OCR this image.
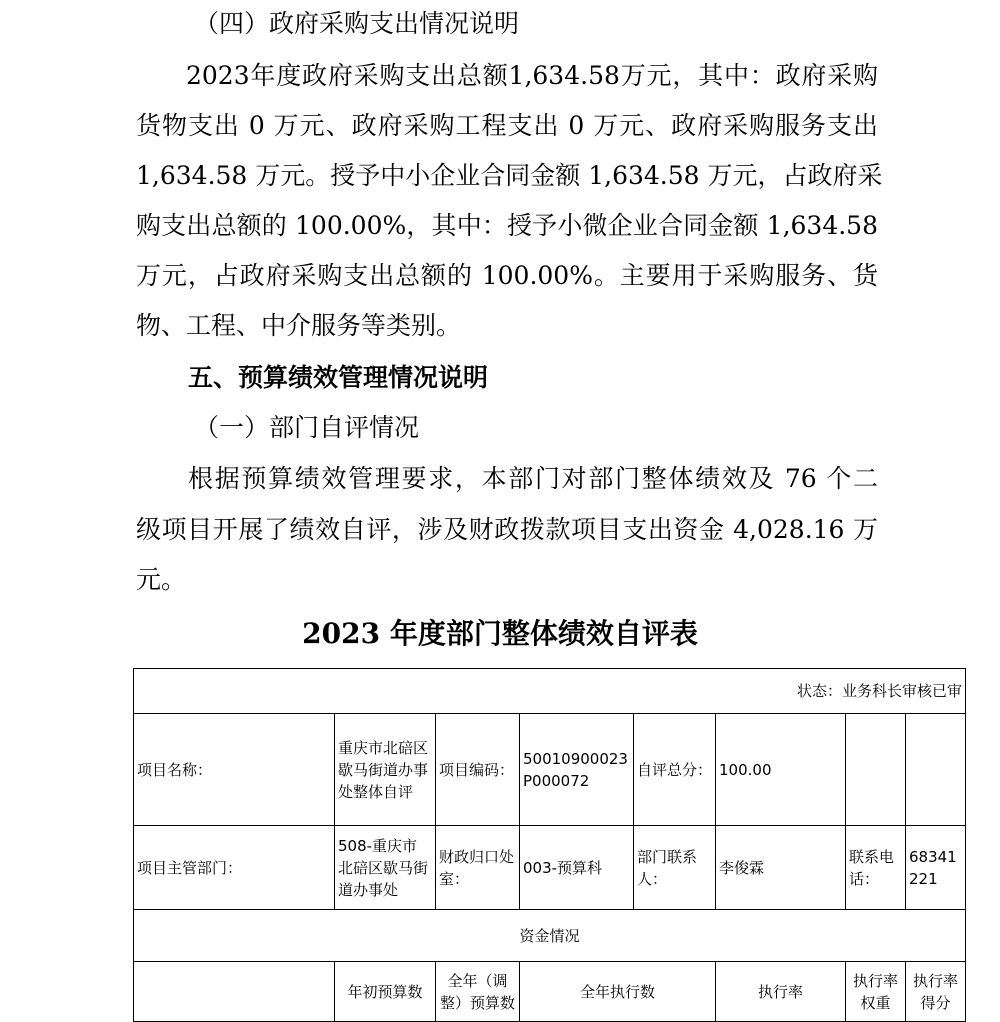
（四）政府采购支出情况说明
2023年度政府采购支出总额1,634.58万元，其中：政府采购
货物支出 0 万元、政府采购工程支出 0 万元、政府采购服务支出
1,634.58 万元。授予中小企业合同金额 1,634.58 万元，占政府采
购支出总额的 100.00%，其中：授予小微企业合同金额 1,634.58
万元，占政府采购支出总额的 100.00%。主要用于采购服务、货
物、工程、中介服务等类别。
五、预算绩效管理情况说明
（一）部门自评情况
根据预算绩效管理要求，本部门对部门整体绩效及 76 个二
级项目开展了绩效自评，涉及财政拨款项目支出资金 4,028.16 万
元。
2023 年度部门整体绩效自评表
状态：业务科长审核已审							
项目名称：	重庆市北碚区歇马街道办事处整体自评	项目编码：	50010900023P000072	自评总分：	100.00		
项目主管部门：	508-重庆市北碚区歇马街道办事处	财政归口处室：	003-预算科	部门联系人：	李俊霖	联系电话：	68341221
资金情况							
	年初预算数	全年（调整）预算数	全年执行数		执行率	执行率权重	执行率得分
